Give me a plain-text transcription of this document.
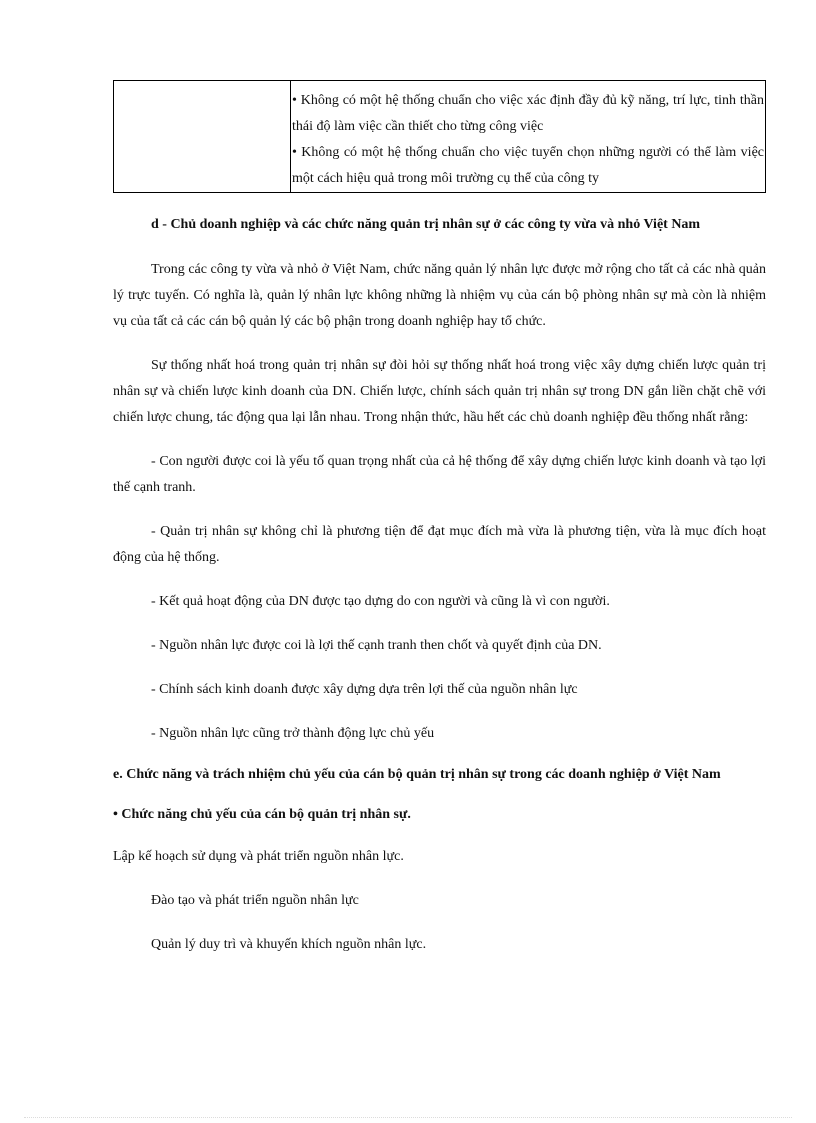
• Không có một hệ thống chuẩn cho việc xác định đầy đủ kỹ năng, trí lực, tinh thần thái độ làm việc cần thiết cho từng công việc
• Không có một hệ thống chuẩn cho việc tuyển chọn những người có thể làm việc một cách hiệu quả trong môi trường cụ thể của công ty
d - Chủ doanh nghiệp và các chức năng quản trị nhân sự ở các công ty vừa và nhỏ Việt Nam

Trong các công ty vừa và nhỏ ở Việt Nam, chức năng quản lý nhân lực được mở rộng cho tất cả các nhà quản lý trực tuyến. Có nghĩa là, quản lý nhân lực không những là nhiệm vụ của cán bộ phòng nhân sự mà còn là nhiệm vụ của tất cả các cán bộ quản lý các bộ phận trong doanh nghiệp hay tổ chức.

Sự thống nhất hoá trong quản trị nhân sự đòi hỏi sự thống nhất hoá trong việc xây dựng chiến lược quản trị nhân sự và chiến lược kinh doanh của DN. Chiến lược, chính sách quản trị nhân sự trong DN gắn liền chặt chẽ với chiến lược chung, tác động qua lại lẫn nhau. Trong nhận thức, hầu hết các chủ doanh nghiệp đều thống nhất rằng:

- Con người được coi là yếu tố quan trọng nhất của cả hệ thống để xây dựng chiến lược kinh doanh và tạo lợi thế cạnh tranh.

- Quản trị nhân sự không chỉ là phương tiện để đạt mục đích mà vừa là phương tiện, vừa là mục đích hoạt động của hệ thống.

- Kết quả hoạt động của DN được tạo dựng do con người và cũng là vì con người.

- Nguồn nhân lực được coi là lợi thế cạnh tranh then chốt và quyết định của DN.

- Chính sách kinh doanh được xây dựng dựa trên lợi thế của nguồn nhân lực

- Nguồn nhân lực cũng trở thành động lực chủ yếu

e. Chức năng và trách nhiệm chủ yếu của cán bộ quản trị nhân sự trong các doanh nghiệp ở Việt Nam
• Chức năng chủ yếu của cán bộ quản trị nhân sự.

Lập kế hoạch sử dụng và phát triển nguồn nhân lực.

Đào tạo và phát triển nguồn nhân lực

Quản lý duy trì và khuyến khích nguồn nhân lực.
